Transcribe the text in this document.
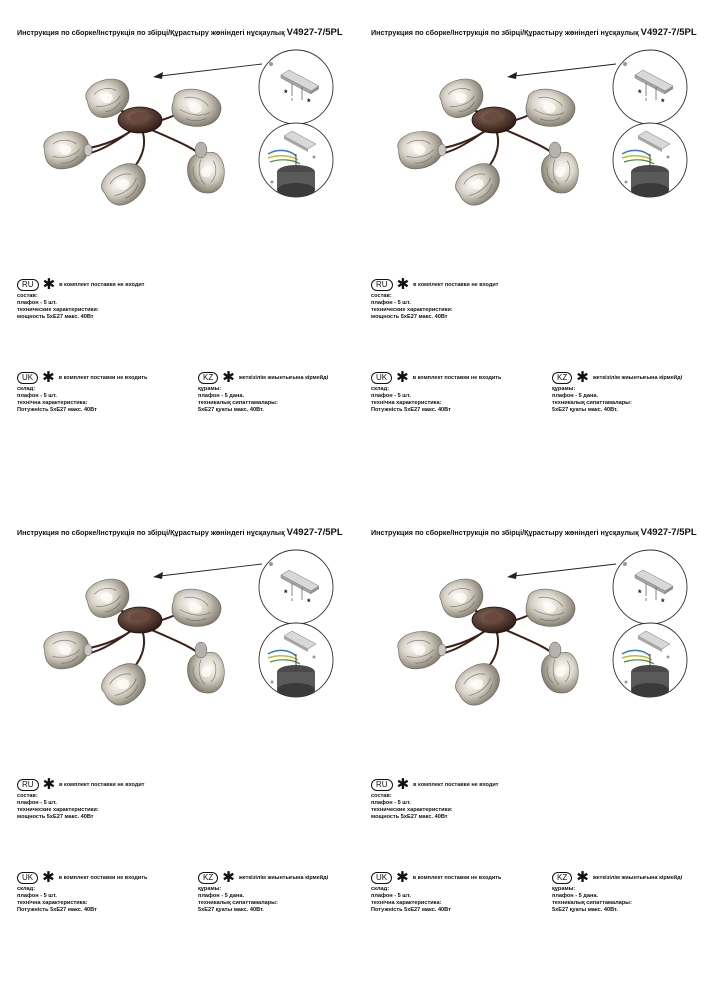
Инструкция по сборке/Інструкція по збірці/Құрастыру жөніндегі нұсқаулық V4927-7/5PL
RU ✱ в комплект поставки не входит
состав:
плафон - 5 шт.
технические характеристики:
мощность 5хЕ27 макс. 40Вт
UK ✱ в комплект поставки не входить
склад:
плафон - 5 шт.
технічна характеристика:
Потужність 5хЕ27 макс. 40Вт
KZ ✱ жеткізілім жиынтығына кірмейді
құрамы:
плафон - 5 дана.
техникалық сипаттамалары:
5хЕ27 қуаты макс. 40Вт.
Инструкция по сборке/Інструкція по збірці/Құрастыру жөніндегі нұсқаулық V4927-7/5PL
RU ✱ в комплект поставки не входит
состав:
плафон - 5 шт.
технические характеристики:
мощность 5хЕ27 макс. 40Вт
UK ✱ в комплект поставки не входить
склад:
плафон - 5 шт.
технічна характеристика:
Потужність 5хЕ27 макс. 40Вт
KZ ✱ жеткізілім жиынтығына кірмейді
құрамы:
плафон - 5 дана.
техникалық сипаттамалары:
5хЕ27 қуаты макс. 40Вт.
Инструкция по сборке/Інструкція по збірці/Құрастыру жөніндегі нұсқаулық V4927-7/5PL
RU ✱ в комплект поставки не входит
состав:
плафон - 5 шт.
технические характеристики:
мощность 5хЕ27 макс. 40Вт
UK ✱ в комплект поставки не входить
склад:
плафон - 5 шт.
технічна характеристика:
Потужність 5хЕ27 макс. 40Вт
KZ ✱ жеткізілім жиынтығына кірмейді
құрамы:
плафон - 5 дана.
техникалық сипаттамалары:
5хЕ27 қуаты макс. 40Вт.
Инструкция по сборке/Інструкція по збірці/Құрастыру жөніндегі нұсқаулық V4927-7/5PL
RU ✱ в комплект поставки не входит
состав:
плафон - 5 шт.
технические характеристики:
мощность 5хЕ27 макс. 40Вт
UK ✱ в комплект поставки не входить
склад:
плафон - 5 шт.
технічна характеристика:
Потужність 5хЕ27 макс. 40Вт
KZ ✱ жеткізілім жиынтығына кірмейді
құрамы:
плафон - 5 дана.
техникалық сипаттамалары:
5хЕ27 қуаты макс. 40Вт.
